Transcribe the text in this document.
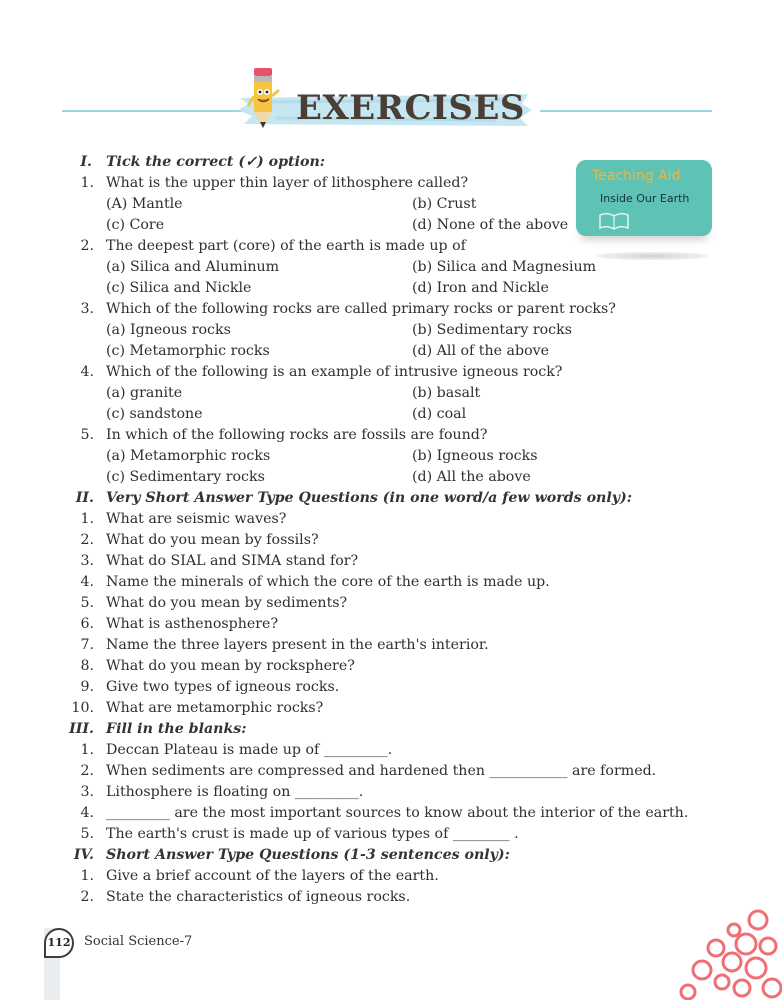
EXERCISES
Teaching Aid
Inside Our Earth
I. Tick the correct (✓) option:
1. What is the upper thin layer of lithosphere called?
(A) Mantle	(b) Crust
(c) Core	(d) None of the above
2. The deepest part (core) of the earth is made up of
(a) Silica and Aluminum	(b) Silica and Magnesium
(c) Silica and Nickle	(d) Iron and Nickle
3. Which of the following rocks are called primary rocks or parent rocks?
(a) Igneous rocks	(b) Sedimentary rocks
(c) Metamorphic rocks	(d) All of the above
4. Which of the following is an example of intrusive igneous rock?
(a) granite	(b) basalt
(c) sandstone	(d) coal
5. In which of the following rocks are fossils are found?
(a) Metamorphic rocks	(b) Igneous rocks
(c) Sedimentary rocks	(d) All the above
II. Very Short Answer Type Questions (in one word/a few words only):
1. What are seismic waves?
2. What do you mean by fossils?
3. What do SIAL and SIMA stand for?
4. Name the minerals of which the core of the earth is made up.
5. What do you mean by sediments?
6. What is asthenosphere?
7. Name the three layers present in the earth's interior.
8. What do you mean by rocksphere?
9. Give two types of igneous rocks.
10. What are metamorphic rocks?
III. Fill in the blanks:
1. Deccan Plateau is made up of _________.
2. When sediments are compressed and hardened then ___________ are formed.
3. Lithosphere is floating on _________.
4. _________ are the most important sources to know about the interior of the earth.
5. The earth's crust is made up of various types of ________ .
IV. Short Answer Type Questions (1-3 sentences only):
1. Give a brief account of the layers of the earth.
2. State the characteristics of igneous rocks.
112 Social Science-7
